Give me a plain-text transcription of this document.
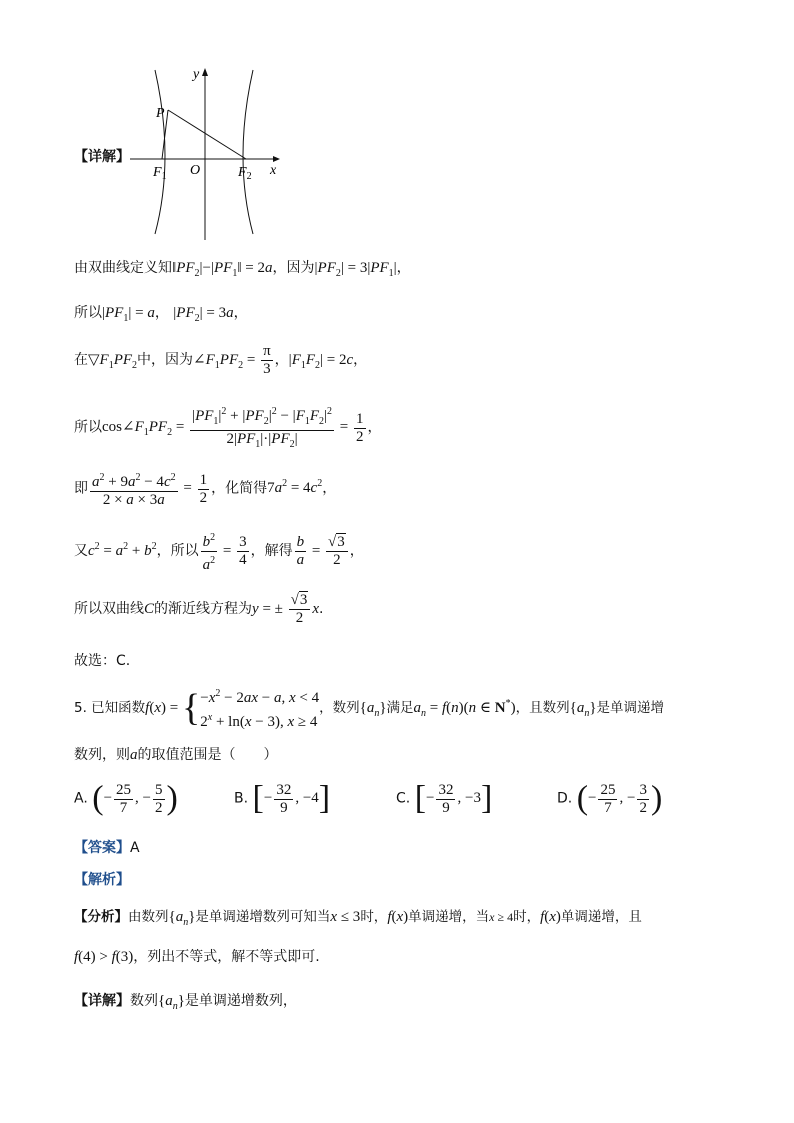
【详解】
y
x
P
O
$F_1$	$F_2$
由双曲线定义知$‖PF_2|-|PF_1‖ = 2a$，因为$|PF_2| = 3|PF_1|$，
所以$|PF_1| = a$， $|PF_2| = 3a$，
在$▽F_1PF_2$中，因为$\angle F_1PF_2 = \frac{\pi}{3}$ ，$|F_1F_2| = 2c$，
所以$\cos\angle F_1PF_2 = \frac{|PF_1|^2 + |PF_2|^2 - |F_1F_2|^2}{2|PF_1|\cdot|PF_2|} = \frac{1}{2}$ ，
即 $\frac{a^2 + 9a^2 - 4c^2}{2 \times a \times 3a} = \frac{1}{2}$ ，化简得$7a^2 = 4c^2$，
又$c^2 = a^2 + b^2$，所以 $\frac{b^2}{a^2} = \frac{3}{4}$ ，解得 $\frac{b}{a} = \frac{√3}{2}$ ，
所以双曲线C的渐近线方程为y = ± $\frac{√3}{2} x$.
故选：C.
5. 已知函数f(x) = { $-x^2 - 2ax - a$, x < 4
$2^x + \ln(x - 3)$, x ≥ 4
，数列$\{a_n\}$满足$a_n = f(n)(n$ ∈ N*)，且数列$\{a_n\}$是单调递增
数列，则a的取值范围是（　　）
A. (− $\frac{25}{7}$ , − $\frac{5}{2}$ )	B. [− $\frac{32}{9}$ , −4]	C. [− $\frac{32}{9}$ , −3]	D. (− $\frac{25}{7}$ , − $\frac{3}{2}$ )
【答案】A
【解析】
【分析】由数列$\{a_n\}$是单调递增数列可知当x ≤ 3时，f(x)单调递增，当x ≥ 4时，f(x)单调递增，且
f(4) > f(3)，列出不等式，解不等式即可.
【详解】数列$\{a_n\}$是单调递增数列，
